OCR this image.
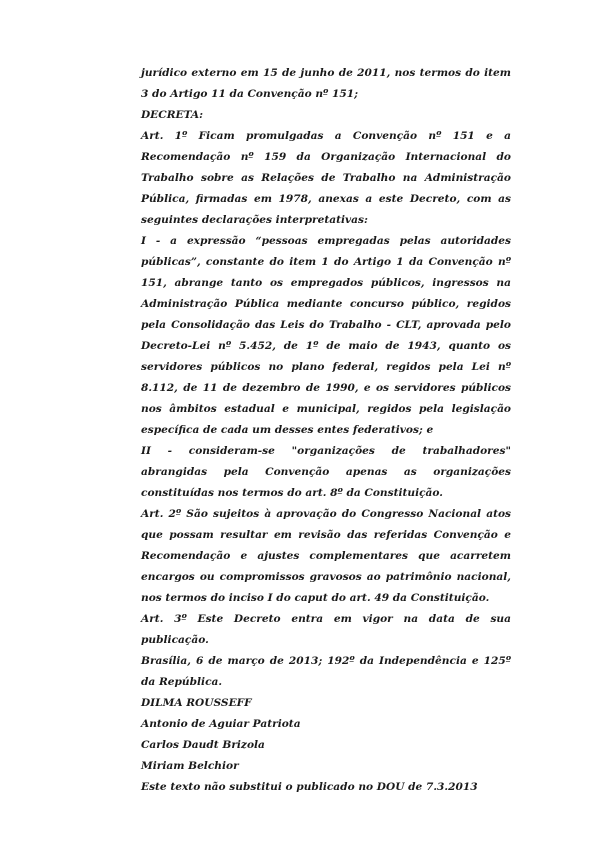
jurídico externo em 15 de junho de 2011, nos termos do item 3 do Artigo 11 da Convenção nº 151;

DECRETA:

Art. 1º Ficam promulgadas a Convenção nº 151 e a Recomendação nº 159 da Organização Internacional do Trabalho sobre as Relações de Trabalho na Administração Pública, firmadas em 1978, anexas a este Decreto, com as seguintes declarações interpretativas:

I - a expressão “pessoas empregadas pelas autoridades públicas”, constante do item 1 do Artigo 1 da Convenção nº 151, abrange tanto os empregados públicos, ingressos na Administração Pública mediante concurso público, regidos pela Consolidação das Leis do Trabalho - CLT, aprovada pelo Decreto-Lei nº 5.452, de 1º de maio de 1943, quanto os servidores públicos no plano federal, regidos pela Lei nº 8.112, de 11 de dezembro de 1990, e os servidores públicos nos âmbitos estadual e municipal, regidos pela legislação específica de cada um desses entes federativos; e

II - consideram-se "organizações de trabalhadores" abrangidas pela Convenção apenas as organizações constituídas nos termos do art. 8º da Constituição.

Art. 2º São sujeitos à aprovação do Congresso Nacional atos que possam resultar em revisão das referidas Convenção e Recomendação e ajustes complementares que acarretem encargos ou compromissos gravosos ao patrimônio nacional, nos termos do inciso I do caput do art. 49 da Constituição.

Art. 3º Este Decreto entra em vigor na data de sua publicação.

Brasília, 6 de março de 2013; 192º da Independência e 125º da República.

DILMA ROUSSEFF

Antonio de Aguiar Patriota

Carlos Daudt Brizola

Miriam Belchior

Este texto não substitui o publicado no DOU de 7.3.2013
